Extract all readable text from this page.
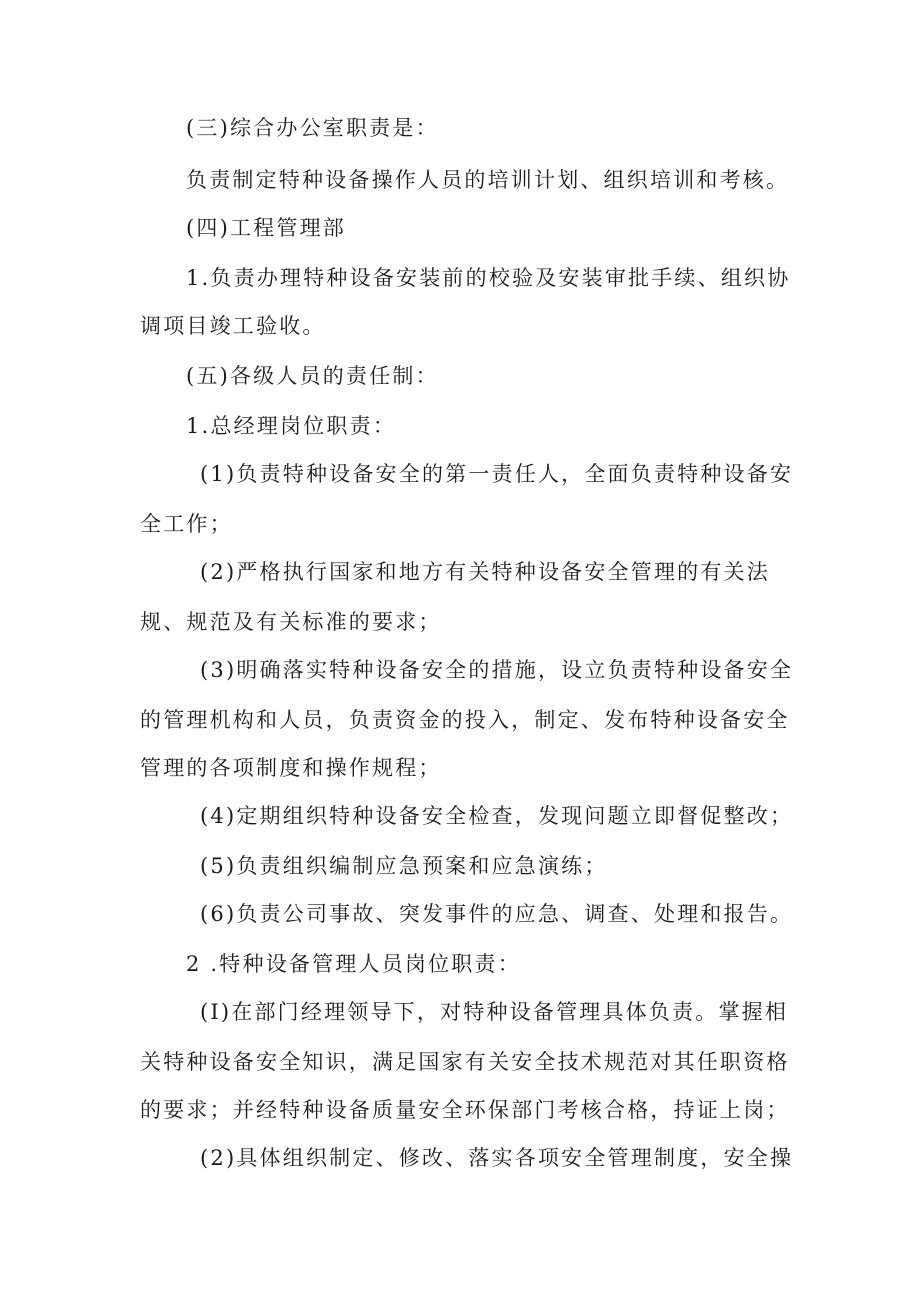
(三)综合办公室职责是：
负责制定特种设备操作人员的培训计划、组织培训和考核。
(四)工程管理部
1.负责办理特种设备安装前的校验及安装审批手续、组织协
调项目竣工验收。
(五)各级人员的责任制：
1.总经理岗位职责：
(1)负责特种设备安全的第一责任人，全面负责特种设备安
全工作；
(2)严格执行国家和地方有关特种设备安全管理的有关法
规、规范及有关标准的要求；
(3)明确落实特种设备安全的措施，设立负责特种设备安全
的管理机构和人员，负责资金的投入，制定、发布特种设备安全
管理的各项制度和操作规程；
(4)定期组织特种设备安全检查，发现问题立即督促整改；
(5)负责组织编制应急预案和应急演练；
(6)负责公司事故、突发事件的应急、调查、处理和报告。
2 .特种设备管理人员岗位职责：
(I)在部门经理领导下，对特种设备管理具体负责。掌握相
关特种设备安全知识，满足国家有关安全技术规范对其任职资格
的要求；并经特种设备质量安全环保部门考核合格，持证上岗；
(2)具体组织制定、修改、落实各项安全管理制度，安全操
